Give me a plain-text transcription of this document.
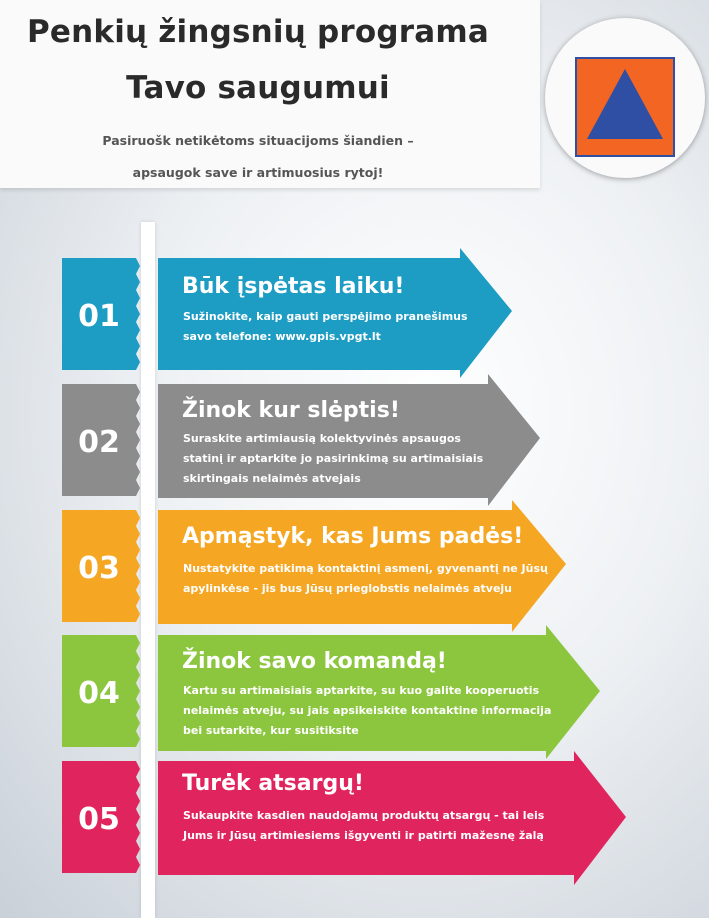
Penkių žingsnių programa
Tavo saugumui
Pasiruošk netikėtoms situacijoms šiandien –
apsaugok save ir artimuosius rytoj!
01
Būk įspėtas laiku!
Sužinokite, kaip gauti perspėjimo pranešimus
savo telefone: www.gpis.vpgt.lt
02
Žinok kur slėptis!
Suraskite artimiausią kolektyvinės apsaugos
statinį ir aptarkite jo pasirinkimą su artimaisiais
skirtingais nelaimės atvejais
03
Apmąstyk, kas Jums padės!
Nustatykite patikimą kontaktinį asmenį, gyvenantį ne Jūsų
apylinkėse - jis bus Jūsų prieglobstis nelaimės atveju
04
Žinok savo komandą!
Kartu su artimaisiais aptarkite, su kuo galite kooperuotis
nelaimės atveju, su jais apsikeiskite kontaktine informacija
bei sutarkite, kur susitiksite
05
Turėk atsargų!
Sukaupkite kasdien naudojamų produktų atsargų - tai leis
Jums ir Jūsų artimiesiems išgyventi ir patirti mažesnę žalą
